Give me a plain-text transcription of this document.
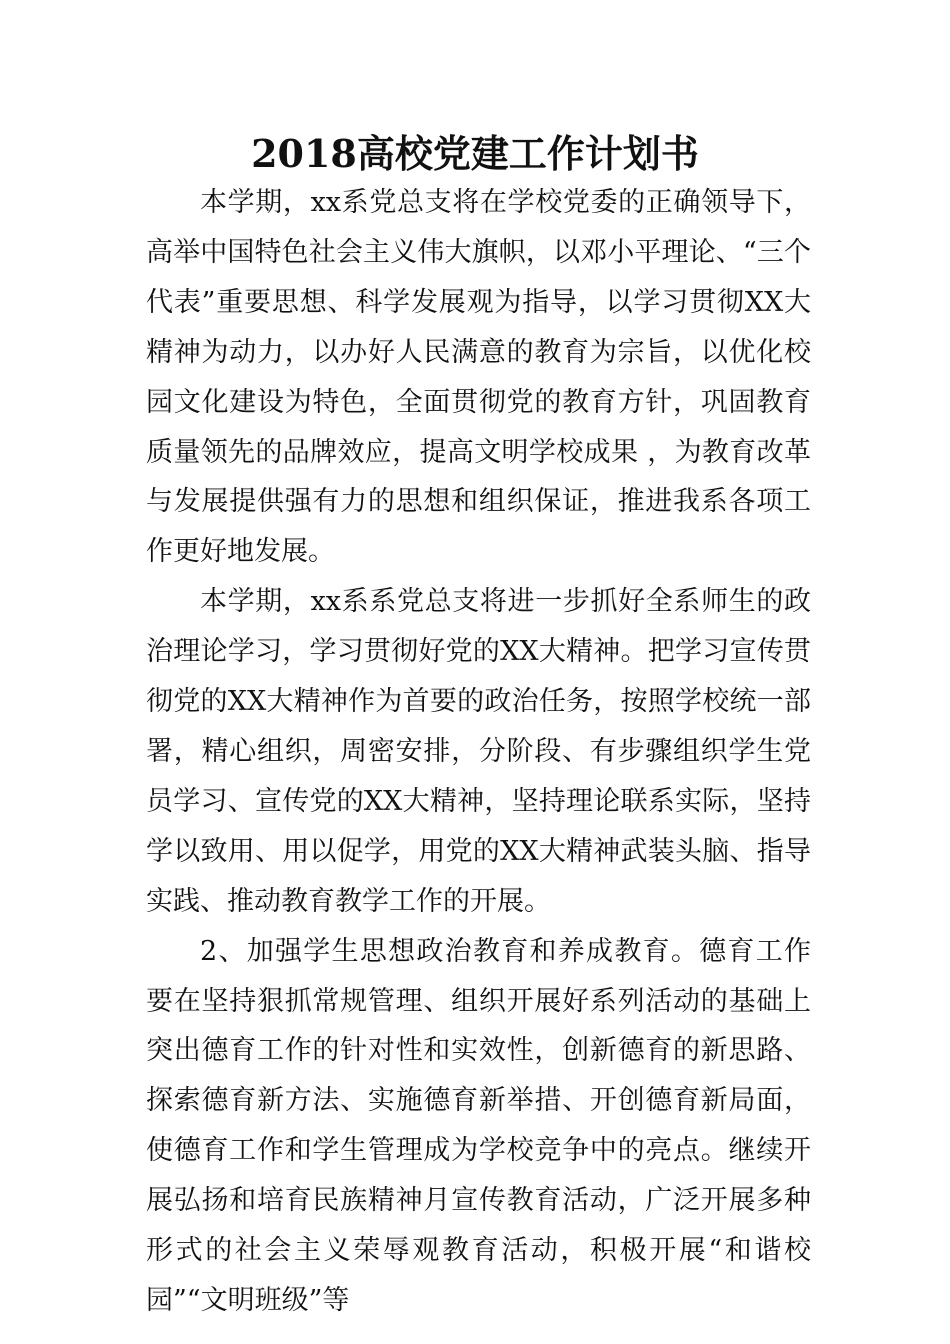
2018高校党建工作计划书

本学期，xx系党总支将在学校党委的正确领导下，高举中国特色社会主义伟大旗帜，以邓小平理论、“三个代表”重要思想、科学发展观为指导，以学习贯彻XX大精神为动力，以办好人民满意的教育为宗旨，以优化校园文化建设为特色，全面贯彻党的教育方针，巩固教育质量领先的品牌效应，提高文明学校成果 ，为教育改革与发展提供强有力的思想和组织保证，推进我系各项工作更好地发展。

本学期，xx系系党总支将进一步抓好全系师生的政治理论学习，学习贯彻好党的XX大精神。把学习宣传贯彻党的XX大精神作为首要的政治任务，按照学校统一部署，精心组织，周密安排，分阶段、有步骤组织学生党员学习、宣传党的XX大精神，坚持理论联系实际，坚持学以致用、用以促学，用党的XX大精神武装头脑、指导实践、推动教育教学工作的开展。

2、加强学生思想政治教育和养成教育。德育工作要在坚持狠抓常规管理、组织开展好系列活动的基础上突出德育工作的针对性和实效性，创新德育的新思路、探索德育新方法、实施德育新举措、开创德育新局面，使德育工作和学生管理成为学校竞争中的亮点。继续开展弘扬和培育民族精神月宣传教育活动，广泛开展多种形式的社会主义荣辱观教育活动，积极开展“和谐校园”“文明班级”等
